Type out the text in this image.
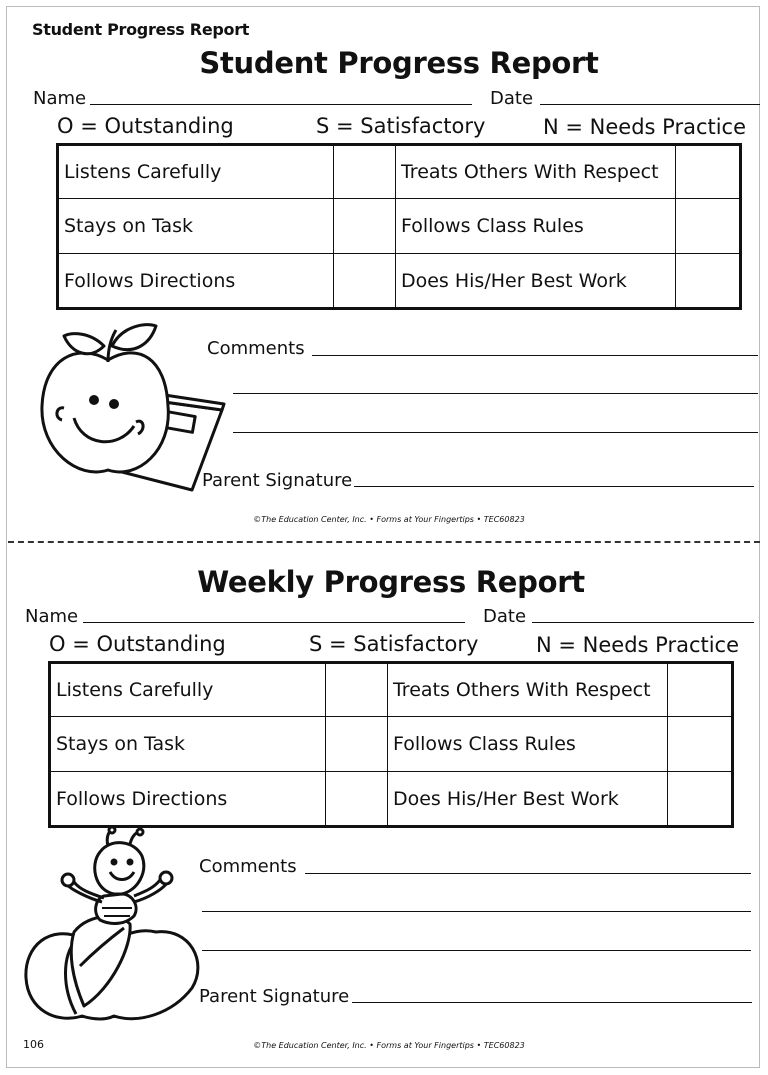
Student Progress Report
Student Progress Report
Name	Date
O = Outstanding	S = Satisfactory	N = Needs Practice
Listens Carefully		Treats Others With Respect	
Stays on Task		Follows Class Rules	
Follows Directions		Does His/Her Best Work	
Comments
Parent Signature
©The Education Center, Inc. • Forms at Your Fingertips • TEC60823
Weekly Progress Report
Name	Date
O = Outstanding	S = Satisfactory	N = Needs Practice
Listens Carefully		Treats Others With Respect	
Stays on Task		Follows Class Rules	
Follows Directions		Does His/Her Best Work	
Comments
Parent Signature
106	©The Education Center, Inc. • Forms at Your Fingertips • TEC60823
